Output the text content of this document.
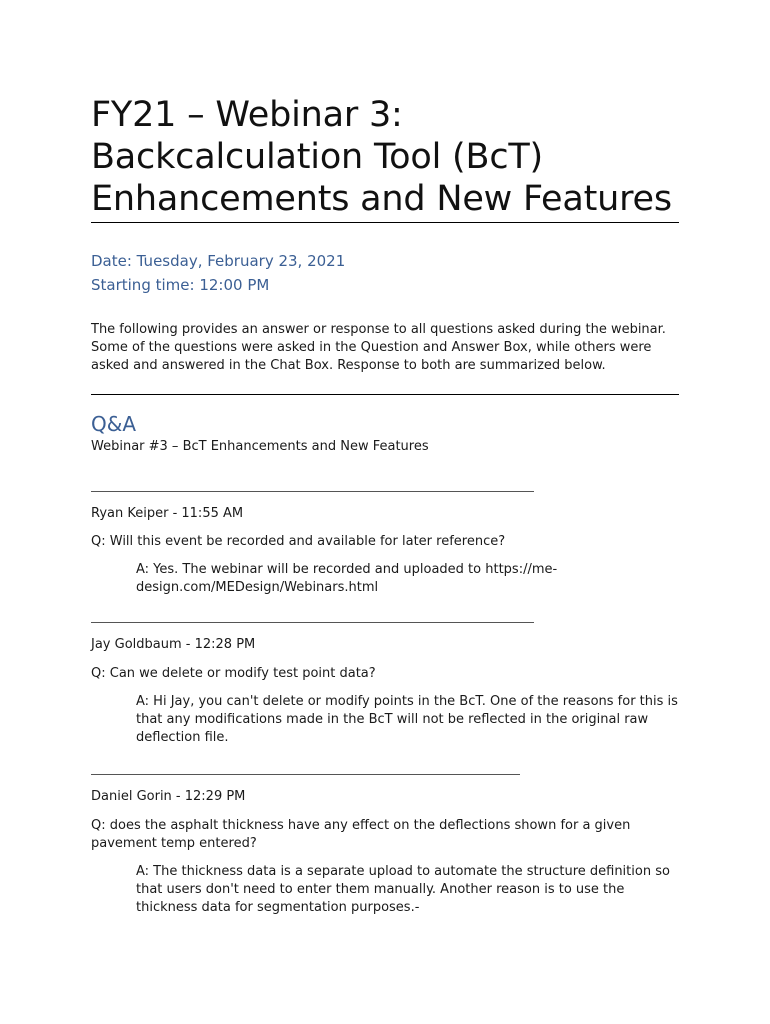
FY21 – Webinar 3: Backcalculation Tool (BcT) Enhancements and New Features
Date: Tuesday, February 23, 2021
Starting time: 12:00 PM
The following provides an answer or response to all questions asked during the webinar. Some of the questions were asked in the Question and Answer Box, while others were asked and answered in the Chat Box. Response to both are summarized below.
Q&A
Webinar #3 – BcT Enhancements and New Features
Ryan Keiper - 11:55 AM
Q: Will this event be recorded and available for later reference?
A: Yes. The webinar will be recorded and uploaded to https://me-design.com/MEDesign/Webinars.html
Jay Goldbaum - 12:28 PM
Q: Can we delete or modify test point data?
A: Hi Jay, you can't delete or modify points in the BcT. One of the reasons for this is that any modifications made in the BcT will not be reflected in the original raw deflection file.
Daniel Gorin - 12:29 PM
Q: does the asphalt thickness have any effect on the deflections shown for a given pavement temp entered?
A: The thickness data is a separate upload to automate the structure definition so that users don't need to enter them manually. Another reason is to use the thickness data for segmentation purposes.-
